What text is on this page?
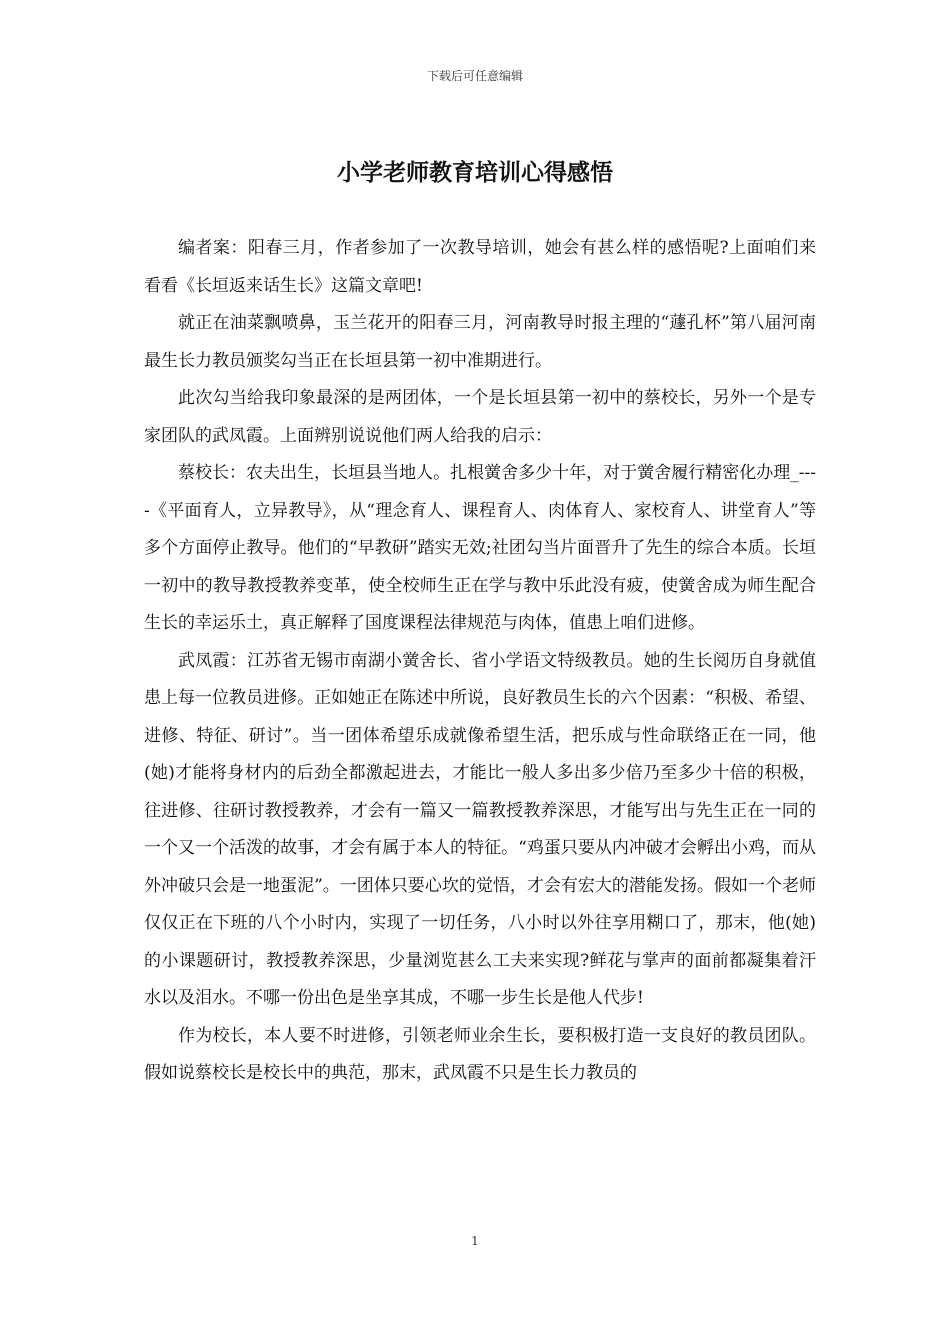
下载后可任意编辑
小学老师教育培训心得感悟

编者案：阳春三月，作者参加了一次教导培训，她会有甚么样的感悟呢?上面咱们来看看《长垣返来话生长》这篇文章吧!

就正在油菜飘喷鼻，玉兰花开的阳春三月，河南教导时报主理的“蘧孔杯”第八届河南最生长力教员颁奖勾当正在长垣县第一初中准期进行。

此次勾当给我印象最深的是两团体，一个是长垣县第一初中的蔡校长，另外一个是专家团队的武凤霞。上面辨别说说他们两人给我的启示：

蔡校长：农夫出生，长垣县当地人。扎根黉舍多少十年，对于黉舍履行精密化办理_----《平面育人，立异教导》，从“理念育人、课程育人、肉体育人、家校育人、讲堂育人”等多个方面停止教导。他们的“早教研”踏实无效;社团勾当片面晋升了先生的综合本质。长垣一初中的教导教授教养变革，使全校师生正在学与教中乐此没有疲，使黉舍成为师生配合生长的幸运乐土，真正解释了国度课程法律规范与肉体，值患上咱们进修。

武凤霞：江苏省无锡市南湖小黉舍长、省小学语文特级教员。她的生长阅历自身就值患上每一位教员进修。正如她正在陈述中所说，良好教员生长的六个因素：“积极、希望、进修、特征、研讨”。当一团体希望乐成就像希望生活，把乐成与性命联络正在一同，他(她)才能将身材内的后劲全都激起进去，才能比一般人多出多少倍乃至多少十倍的积极，往进修、往研讨教授教养，才会有一篇又一篇教授教养深思，才能写出与先生正在一同的一个又一个活泼的故事，才会有属于本人的特征。“鸡蛋只要从内冲破才会孵出小鸡，而从外冲破只会是一地蛋泥”。一团体只要心坎的觉悟，才会有宏大的潜能发扬。假如一个老师仅仅正在下班的八个小时内，实现了一切任务，八小时以外往享用糊口了，那末，他(她)的小课题研讨，教授教养深思，少量浏览甚么工夫来实现?鲜花与掌声的面前都凝集着汗水以及泪水。不哪一份出色是坐享其成，不哪一步生长是他人代步!

作为校长，本人要不时进修，引领老师业余生长，要积极打造一支良好的教员团队。假如说蔡校长是校长中的典范，那末，武凤霞不只是生长力教员的

1
